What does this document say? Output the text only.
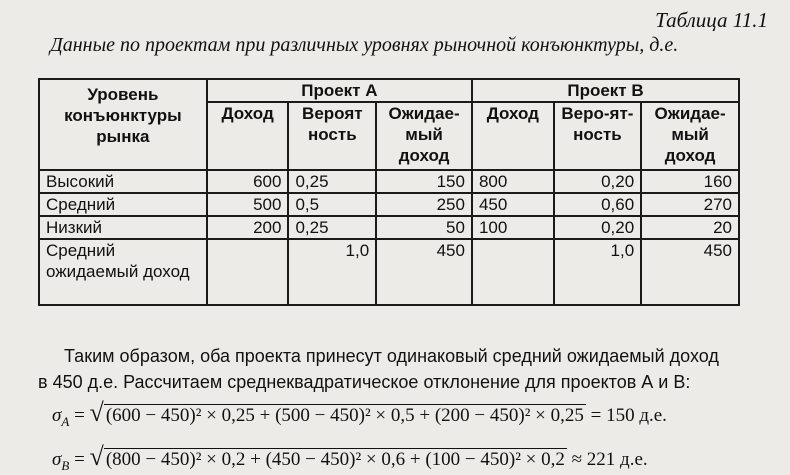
Таблица 11.1
Данные по проектам при различных уровнях рыночной конъюнктуры, д.е.
Уровень конъюнктуры рынка	Проект А			Проект В		
	Доход	Вероят ность	Ожидае-мый доход	Доход	Веро-ят-ность	Ожидае-мый доход
Высокий	600	0,25	150	800	0,20	160
Средний	500	0,5	250	450	0,60	270
Низкий	200	0,25	50	100	0,20	20
Средний ожидаемый доход		1,0	450		1,0	450
Таким образом, оба проекта принесут одинаковый средний ожидаемый доход
в 450 д.е. Рассчитаем среднеквадратическое отклонение для проектов А и В:
$\sigma_A$ = √ (600 − 450)² × 0,25 + (500 − 450)² × 0,5 + (200 − 450)² × 0,25 = 150 д.е.
$\sigma_B$ = √ (800 − 450)² × 0,2 + (450 − 450)² × 0,6 + (100 − 450)² × 0,2 ≈ 221 д.е.
